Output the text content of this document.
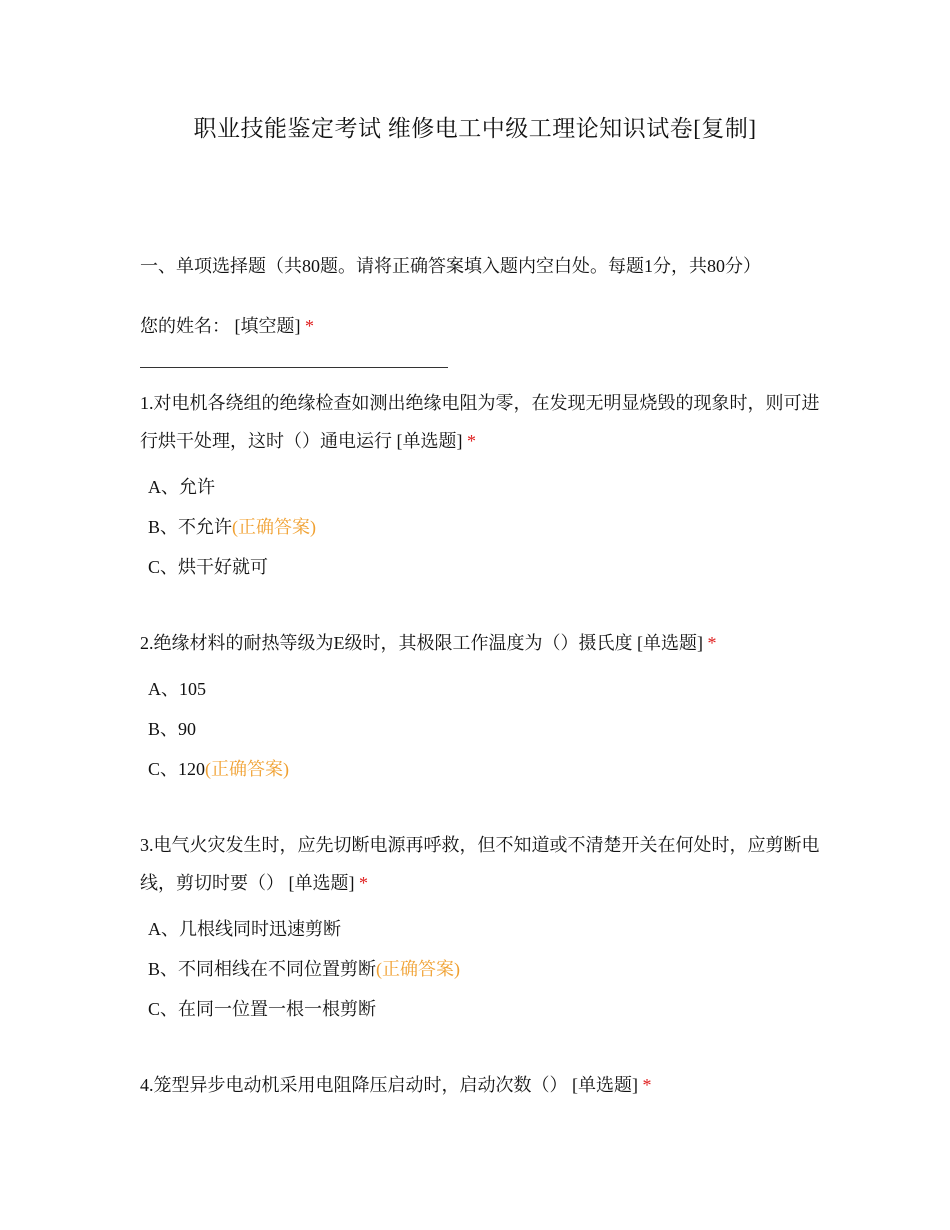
职业技能鉴定考试 维修电工中级工理论知识试卷[复制]
一、单项选择题（共80题。请将正确答案填入题内空白处。每题1分，共80分）
您的姓名： [填空题] *
1.对电机各绕组的绝缘检查如测出绝缘电阻为零，在发现无明显烧毁的现象时，则可进行烘干处理，这时（）通电运行 [单选题] *
A、允许
B、不允许(正确答案)
C、烘干好就可
2.绝缘材料的耐热等级为E级时，其极限工作温度为（）摄氏度 [单选题] *
A、105
B、90
C、120(正确答案)
3.电气火灾发生时，应先切断电源再呼救，但不知道或不清楚开关在何处时，应剪断电线，剪切时要（） [单选题] *
A、几根线同时迅速剪断
B、不同相线在不同位置剪断(正确答案)
C、在同一位置一根一根剪断
4.笼型异步电动机采用电阻降压启动时，启动次数（） [单选题] *
